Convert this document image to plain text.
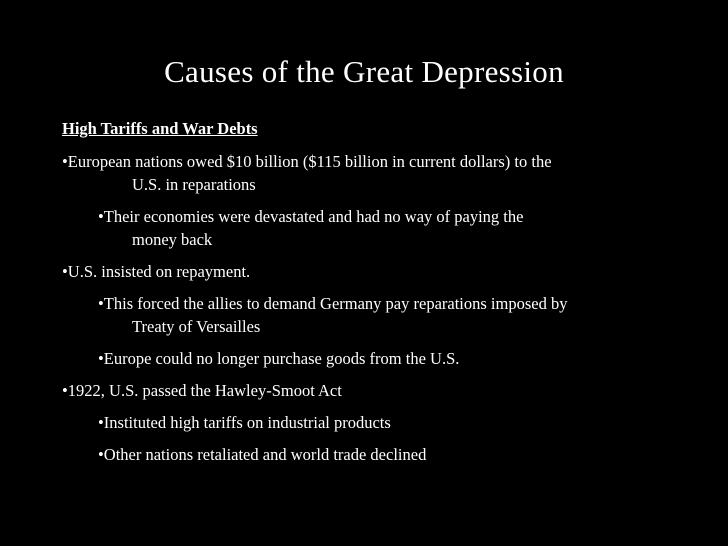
Causes of the Great Depression
High Tariffs and War Debts
•European nations owed $10 billion ($115 billion in current dollars) to the
U.S. in reparations
•Their economies were devastated and had no way of paying the
money back
•U.S. insisted on repayment.
•This forced the allies to demand Germany pay reparations imposed by
Treaty of Versailles
•Europe could no longer purchase goods from the U.S.
•1922, U.S. passed the Hawley-Smoot Act
•Instituted high tariffs on industrial products
•Other nations retaliated and world trade declined
